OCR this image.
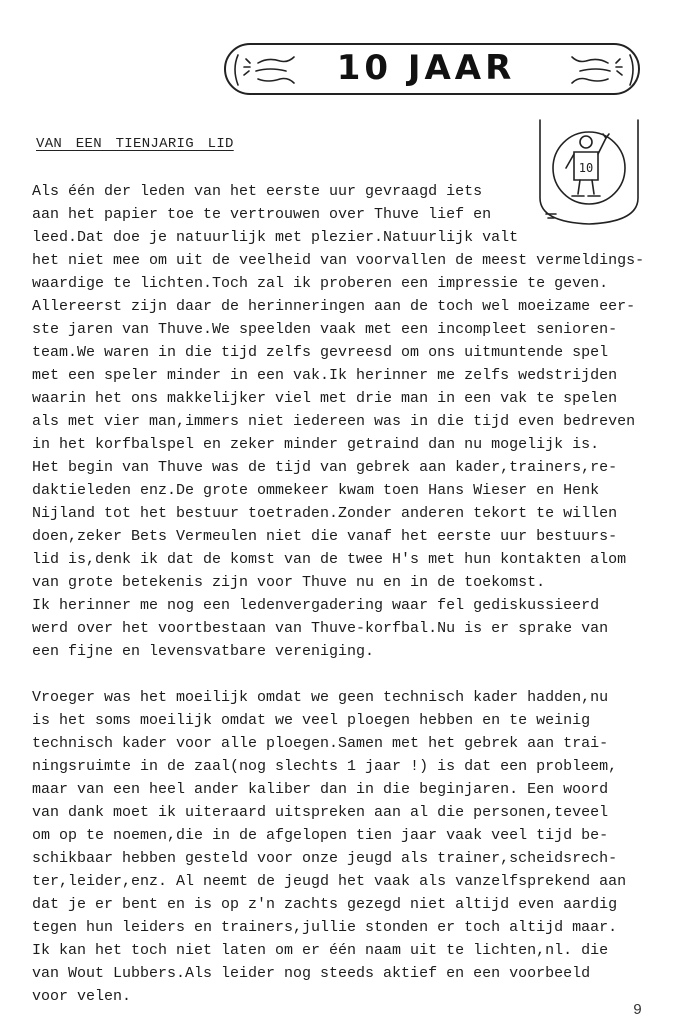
10 JAAR
10
VAN EEN TIENJARIG LID
Als één der leden van het eerste uur gevraagd iets
aan het papier toe te vertrouwen over Thuve lief en
leed.Dat doe je natuurlijk met plezier.Natuurlijk valt
het niet mee om uit de veelheid van voorvallen de meest vermeldings-
waardige te lichten.Toch zal ik proberen een impressie te geven.
Allereerst zijn daar de herinneringen aan de toch wel moeizame eer-
ste jaren van Thuve.We speelden vaak met een incompleet senioren-
team.We waren in die tijd zelfs gevreesd om ons uitmuntende spel
met een speler minder in een vak.Ik herinner me zelfs wedstrijden
waarin het ons makkelijker viel met drie man in een vak te spelen
als met vier man,immers niet iedereen was in die tijd even bedreven
in het korfbalspel en zeker minder getraind dan nu mogelijk is.
Het begin van Thuve was de tijd van gebrek aan kader,trainers,re-
daktieleden enz.De grote ommekeer kwam toen Hans Wieser en Henk
Nijland tot het bestuur toetraden.Zonder anderen tekort te willen
doen,zeker Bets Vermeulen niet die vanaf het eerste uur bestuurs-
lid is,denk ik dat de komst van de twee H's met hun kontakten alom
van grote betekenis zijn voor Thuve nu en in de toekomst.
Ik herinner me nog een ledenvergadering waar fel gediskussieerd
werd over het voortbestaan van Thuve-korfbal.Nu is er sprake van
een fijne en levensvatbare vereniging.
Vroeger was het moeilijk omdat we geen technisch kader hadden,nu
is het soms moeilijk omdat we veel ploegen hebben en te weinig
technisch kader voor alle ploegen.Samen met het gebrek aan trai-
ningsruimte in de zaal(nog slechts 1 jaar !) is dat een probleem,
maar van een heel ander kaliber dan in die beginjaren. Een woord
van dank moet ik uiteraard uitspreken aan al die personen,teveel
om op te noemen,die in de afgelopen tien jaar vaak veel tijd be-
schikbaar hebben gesteld voor onze jeugd als trainer,scheidsrech-
ter,leider,enz. Al neemt de jeugd het vaak als vanzelfsprekend aan
dat je er bent en is op z'n zachts gezegd niet altijd even aardig
tegen hun leiders en trainers,jullie stonden er toch altijd maar.
Ik kan het toch niet laten om er één naam uit te lichten,nl. die
van Wout Lubbers.Als leider nog steeds aktief en een voorbeeld
voor velen.
9
